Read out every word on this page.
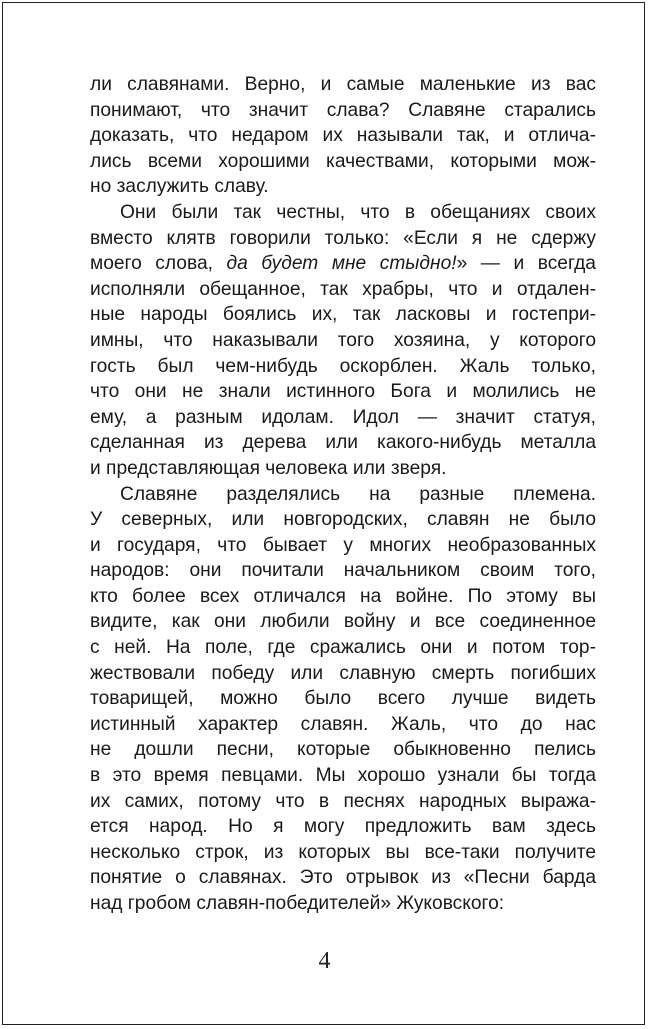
ли славянами. Верно, и самые маленькие из вас
понимают, что значит слава? Славяне старались
доказать, что недаром их называли так, и отлича-
лись всеми хорошими качествами, которыми мож-
но заслужить славу.
Они были так честны, что в обещаниях своих
вместо клятв говорили только: «Если я не сдержу
моего слова, да будет мне стыдно!» — и всегда
исполняли обещанное, так храбры, что и отдален-
ные народы боялись их, так ласковы и гостепри-
имны, что наказывали того хозяина, у которого
гость был чем-нибудь оскорблен. Жаль только,
что они не знали истинного Бога и молились не
ему, а разным идолам. Идол — значит статуя,
сделанная из дерева или какого-нибудь металла
и представляющая человека или зверя.
Славяне разделялись на разные племена.
У северных, или новгородских, славян не было
и государя, что бывает у многих необразованных
народов: они почитали начальником своим того,
кто более всех отличался на войне. По этому вы
видите, как они любили войну и все соединенное
с ней. На поле, где сражались они и потом тор-
жествовали победу или славную смерть погибших
товарищей, можно было всего лучше видеть
истинный характер славян. Жаль, что до нас
не дошли песни, которые обыкновенно пелись
в это время певцами. Мы хорошо узнали бы тогда
их самих, потому что в песнях народных выража-
ется народ. Но я могу предложить вам здесь
несколько строк, из которых вы все-таки получите
понятие о славянах. Это отрывок из «Песни барда
над гробом славян-победителей» Жуковского:
4
